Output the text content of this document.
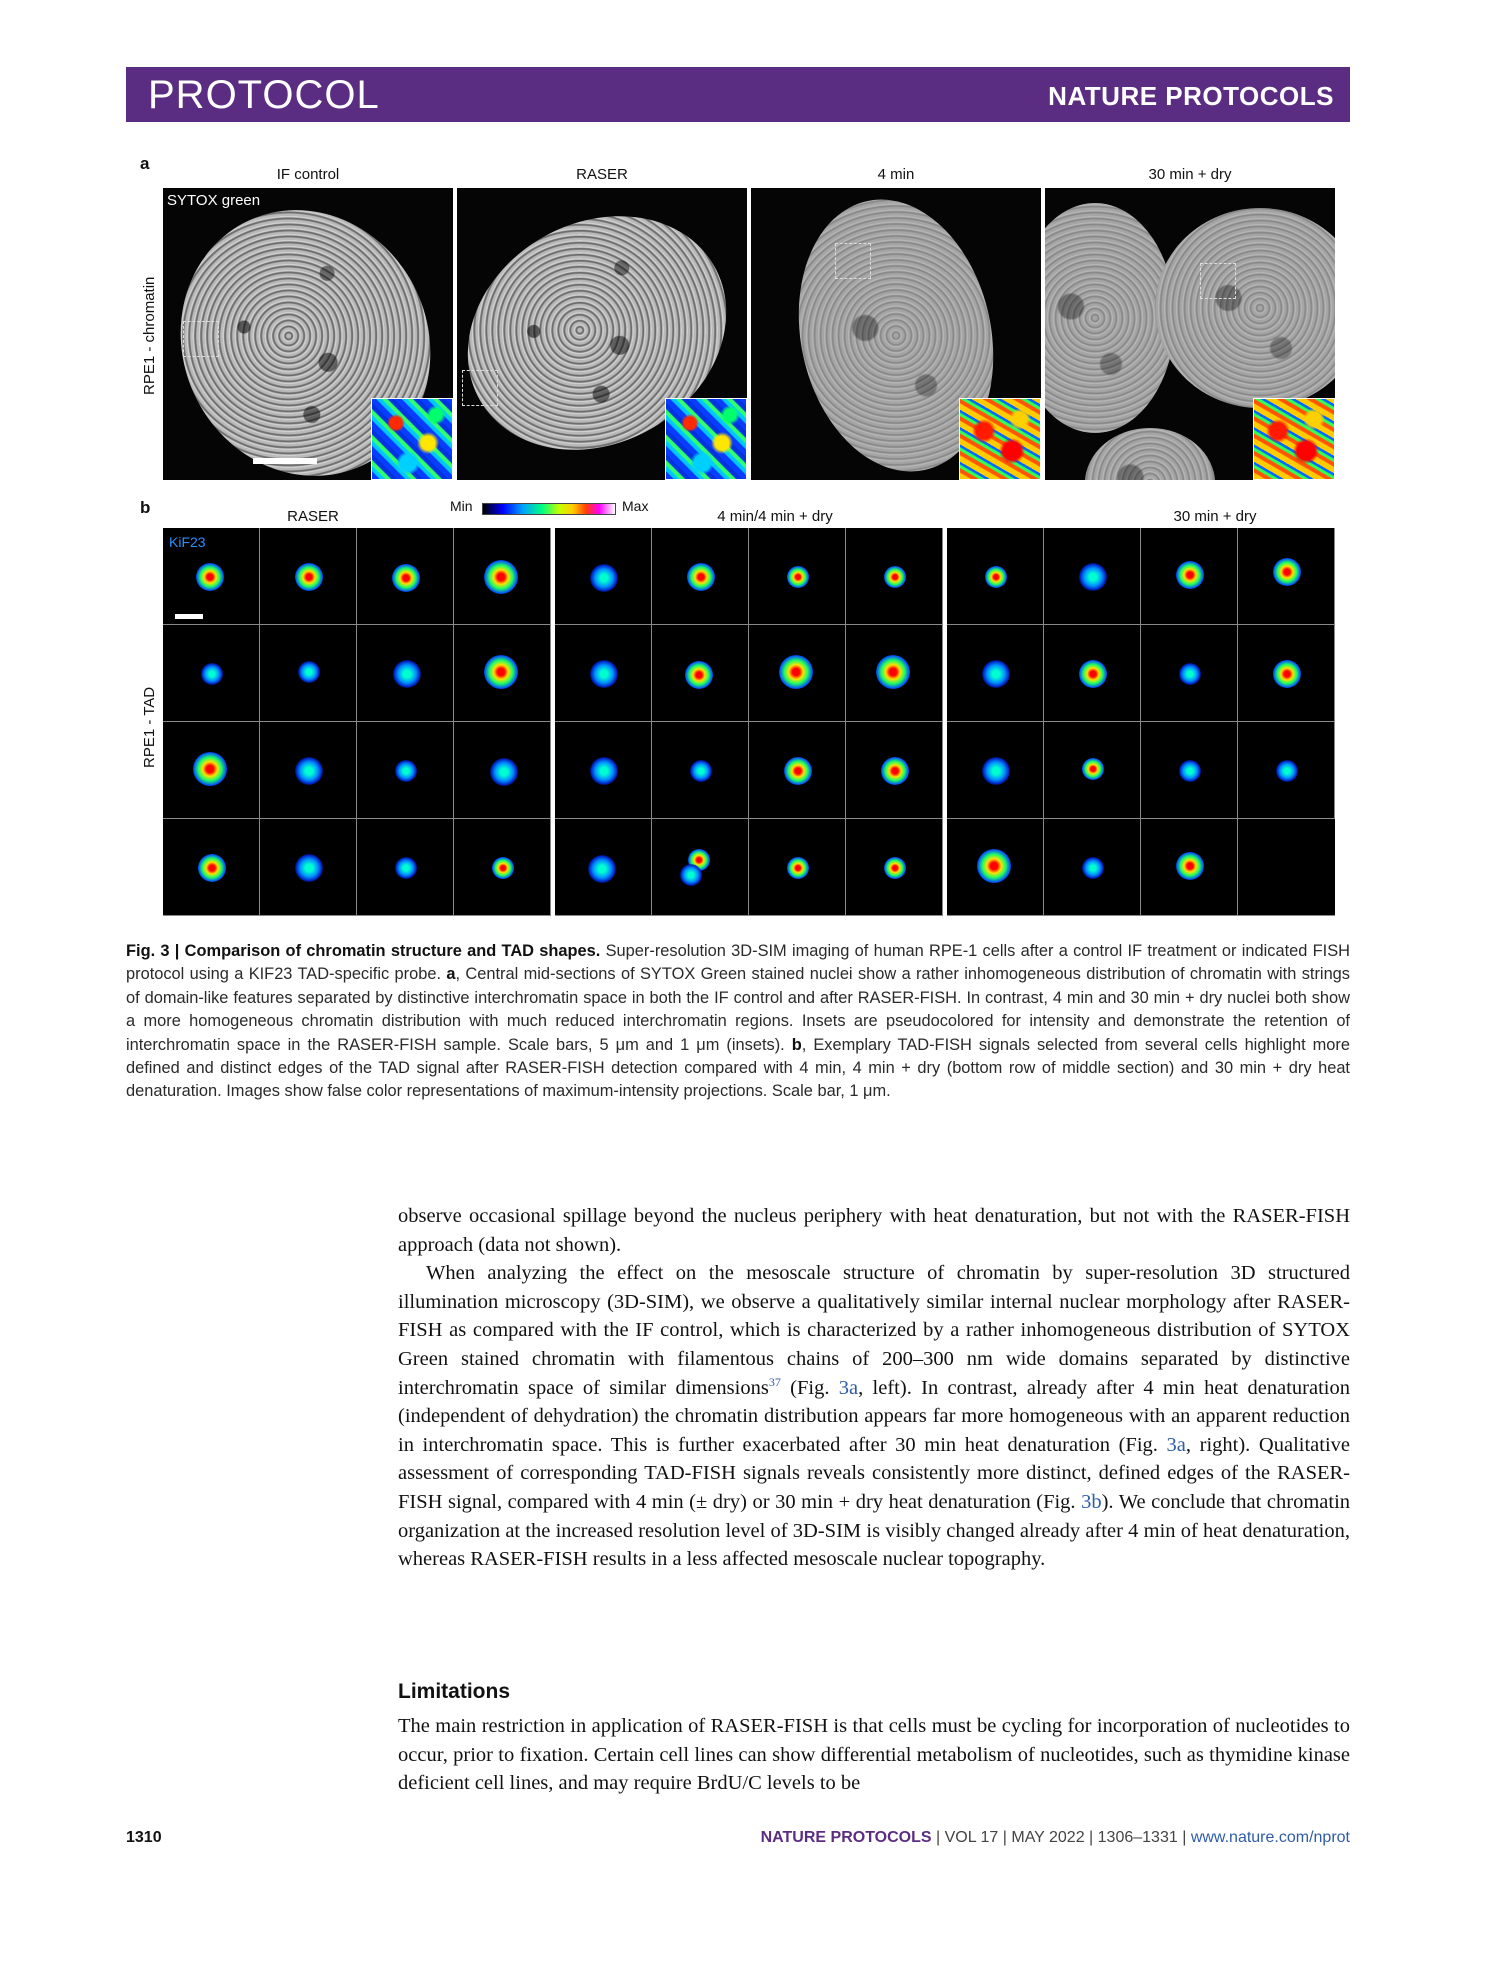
PROTOCOL	NATURE PROTOCOLS
a
IF control	RASER	4 min	30 min + dry
RPE1 - chromatin
SYTOX green
b	RASER	4 min/4 min + dry	30 min + dry
Min	Max
RPE1 - TAD
KiF23
Fig. 3 | Comparison of chromatin structure and TAD shapes. Super-resolution 3D-SIM imaging of human RPE-1 cells after a control IF treatment or indicated FISH protocol using a KIF23 TAD-specific probe. a, Central mid-sections of SYTOX Green stained nuclei show a rather inhomogeneous distribution of chromatin with strings of domain-like features separated by distinctive interchromatin space in both the IF control and after RASER-FISH. In contrast, 4 min and 30 min + dry nuclei both show a more homogeneous chromatin distribution with much reduced interchromatin regions. Insets are pseudocolored for intensity and demonstrate the retention of interchromatin space in the RASER-FISH sample. Scale bars, 5 μm and 1 μm (insets). b, Exemplary TAD-FISH signals selected from several cells highlight more defined and distinct edges of the TAD signal after RASER-FISH detection compared with 4 min, 4 min + dry (bottom row of middle section) and 30 min + dry heat denaturation. Images show false color representations of maximum-intensity projections. Scale bar, 1 μm.

observe occasional spillage beyond the nucleus periphery with heat denaturation, but not with the RASER-FISH approach (data not shown).

When analyzing the effect on the mesoscale structure of chromatin by super-resolution 3D structured illumination microscopy (3D-SIM), we observe a qualitatively similar internal nuclear morphology after RASER-FISH as compared with the IF control, which is characterized by a rather inhomogeneous distribution of SYTOX Green stained chromatin with filamentous chains of 200–300 nm wide domains separated by distinctive interchromatin space of similar dimensions$^{37}$ (Fig. 3a, left). In contrast, already after 4 min heat denaturation (independent of dehydration) the chromatin distribution appears far more homogeneous with an apparent reduction in interchromatin space. This is further exacerbated after 30 min heat denaturation (Fig. 3a, right). Qualitative assessment of corresponding TAD-FISH signals reveals consistently more distinct, defined edges of the RASER-FISH signal, compared with 4 min (± dry) or 30 min + dry heat denaturation (Fig. 3b). We conclude that chromatin organization at the increased resolution level of 3D-SIM is visibly changed already after 4 min of heat denaturation, whereas RASER-FISH results in a less affected mesoscale nuclear topography.

Limitations

The main restriction in application of RASER-FISH is that cells must be cycling for incorporation of nucleotides to occur, prior to fixation. Certain cell lines can show differential metabolism of nucleotides, such as thymidine kinase deficient cell lines, and may require BrdU/C levels to be

1310	NATURE PROTOCOLS | VOL 17 | MAY 2022 | 1306–1331 | www.nature.com/nprot
